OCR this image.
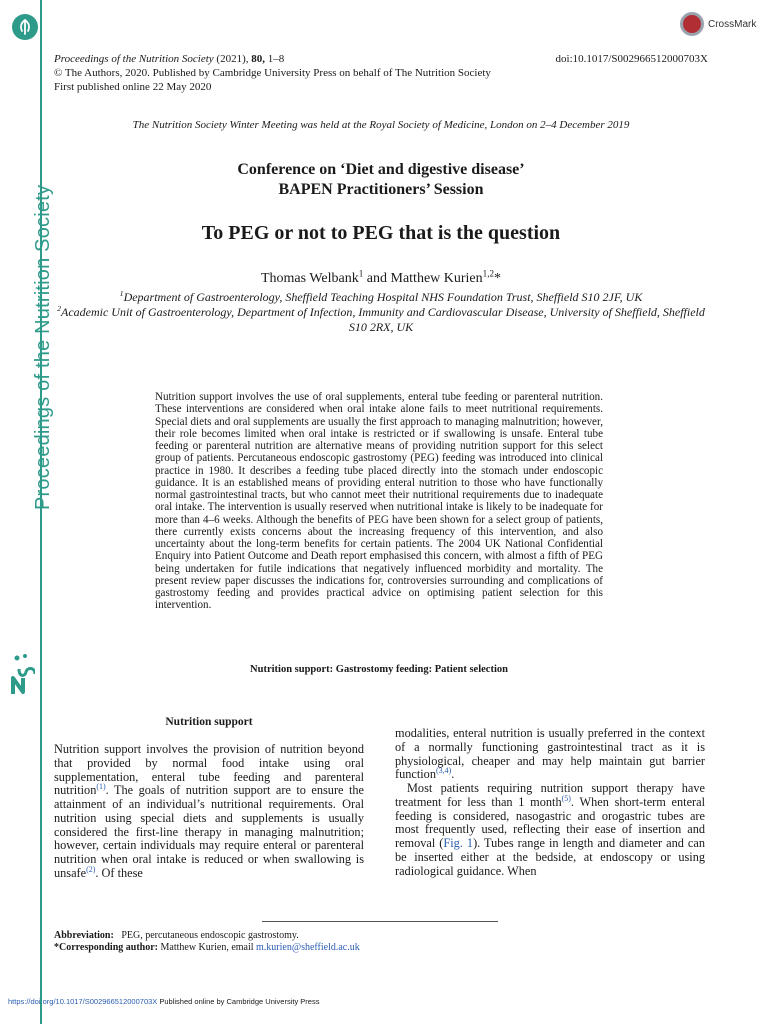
Proceedings of the Nutrition Society
CrossMark
Proceedings of the Nutrition Society (2021), 80, 1–8	doi:10.1017/S002966512000703X
© The Authors, 2020. Published by Cambridge University Press on behalf of The Nutrition Society
First published online 22 May 2020
The Nutrition Society Winter Meeting was held at the Royal Society of Medicine, London on 2–4 December 2019
Conference on ‘Diet and digestive disease’
BAPEN Practitioners’ Session
To PEG or not to PEG that is the question
Thomas Welbank$^1$ and Matthew Kurien$^{1,2}$*
$^1$Department of Gastroenterology, Sheffield Teaching Hospital NHS Foundation Trust, Sheffield S10 2JF, UK
$^2$Academic Unit of Gastroenterology, Department of Infection, Immunity and Cardiovascular Disease, University of Sheffield, Sheffield S10 2RX, UK
Nutrition support involves the use of oral supplements, enteral tube feeding or parenteral nutrition. These interventions are considered when oral intake alone fails to meet nutritional requirements. Special diets and oral supplements are usually the first approach to managing malnutrition; however, their role becomes limited when oral intake is restricted or if swallowing is unsafe. Enteral tube feeding or parenteral nutrition are alternative means of providing nutrition support for this select group of patients. Percutaneous endoscopic gastrostomy (PEG) feeding was introduced into clinical practice in 1980. It describes a feeding tube placed directly into the stomach under endoscopic guidance. It is an established means of providing enteral nutrition to those who have functionally normal gastrointestinal tracts, but who cannot meet their nutritional requirements due to inadequate oral intake. The intervention is usually reserved when nutritional intake is likely to be inadequate for more than 4–6 weeks. Although the benefits of PEG have been shown for a select group of patients, there currently exists concerns about the increasing frequency of this intervention, and also uncertainty about the long-term benefits for certain patients. The 2004 UK National Confidential Enquiry into Patient Outcome and Death report emphasised this concern, with almost a fifth of PEG being undertaken for futile indications that negatively influenced morbidity and mortality. The present review paper discusses the indications for, controversies surrounding and complications of gastrostomy feeding and provides practical advice on optimising patient selection for this intervention.
Nutrition support: Gastrostomy feeding: Patient selection
Nutrition support

Nutrition support involves the provision of nutrition beyond that provided by normal food intake using oral supplementation, enteral tube feeding and parenteral nutrition$^{(1)}$. The goals of nutrition support are to ensure the attainment of an individual’s nutritional requirements. Oral nutrition using special diets and supplements is usually considered the first-line therapy in managing malnutrition; however, certain individuals may require enteral or parenteral nutrition when oral intake is reduced or when swallowing is unsafe$^{(2)}$. Of these

modalities, enteral nutrition is usually preferred in the context of a normally functioning gastrointestinal tract as it is physiological, cheaper and may help maintain gut barrier function$^{(3,4)}$.

Most patients requiring nutrition support therapy have treatment for less than 1 month$^{(5)}$. When short-term enteral feeding is considered, nasogastric and orogastric tubes are most frequently used, reflecting their ease of insertion and removal (Fig. 1). Tubes range in length and diameter and can be inserted either at the bedside, at endoscopy or using radiological guidance. When

Abbreviation: PEG, percutaneous endoscopic gastrostomy.
*Corresponding author: Matthew Kurien, email m.kurien@sheffield.ac.uk
https://doi.org/10.1017/S002966512000703X Published online by Cambridge University Press
